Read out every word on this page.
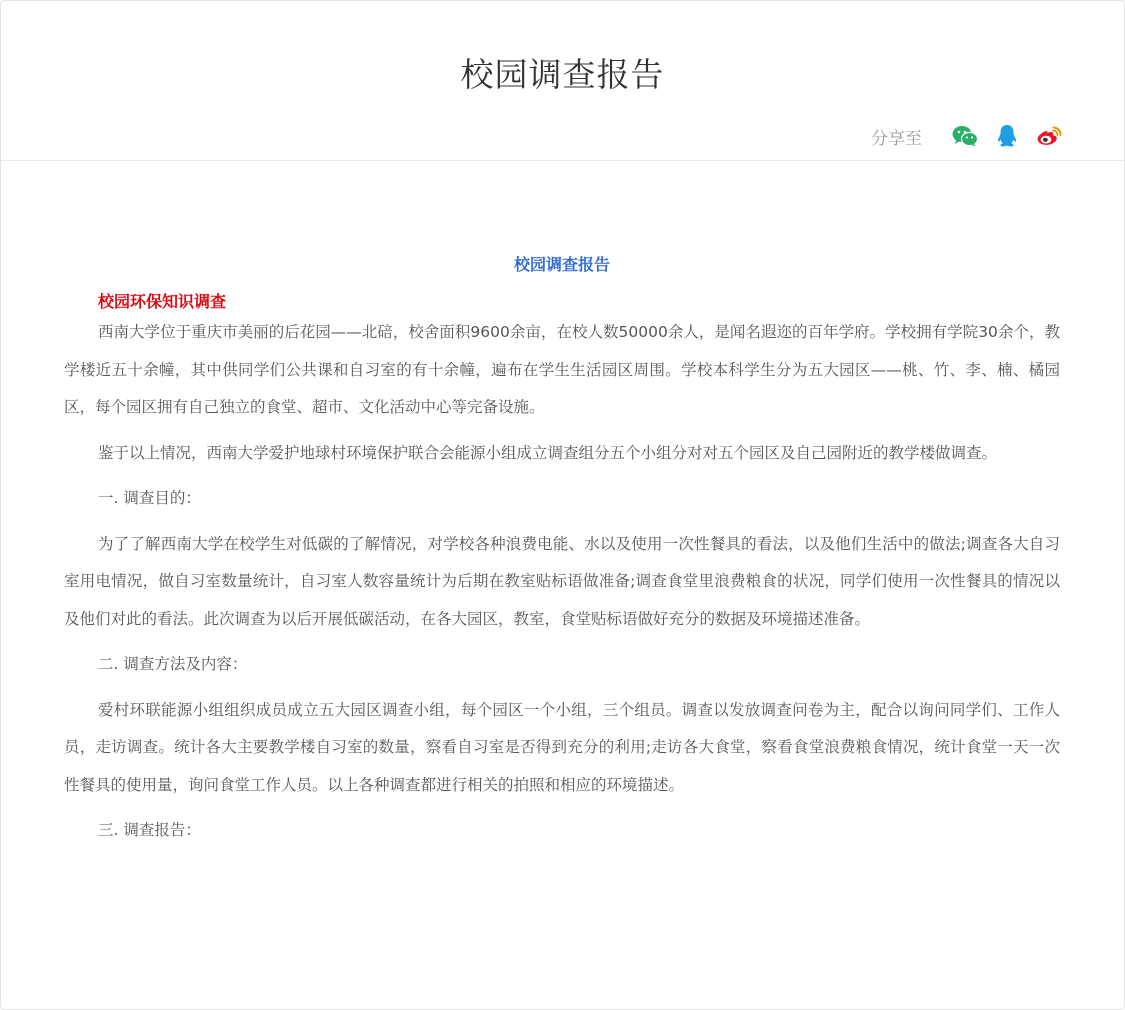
校园调查报告
分享至
校园调查报告
校园环保知识调查

西南大学位于重庆市美丽的后花园——北碚，校舍面积9600余亩，在校人数50000余人，是闻名遐迩的百年学府。学校拥有学院30余个，教学楼近五十余幢，其中供同学们公共课和自习室的有十余幢，遍布在学生生活园区周围。学校本科学生分为五大园区——桃、竹、李、楠、橘园区，每个园区拥有自己独立的食堂、超市、文化活动中心等完备设施。

鉴于以上情况，西南大学爱护地球村环境保护联合会能源小组成立调查组分五个小组分对对五个园区及自己园附近的教学楼做调查。

一. 调查目的：

为了了解西南大学在校学生对低碳的了解情况，对学校各种浪费电能、水以及使用一次性餐具的看法，以及他们生活中的做法;调查各大自习室用电情况，做自习室数量统计，自习室人数容量统计为后期在教室贴标语做准备;调查食堂里浪费粮食的状况，同学们使用一次性餐具的情况以及他们对此的看法。此次调查为以后开展低碳活动，在各大园区，教室，食堂贴标语做好充分的数据及环境描述准备。

二. 调查方法及内容：

爱村环联能源小组组织成员成立五大园区调查小组，每个园区一个小组，三个组员。调查以发放调查问卷为主，配合以询问同学们、工作人员，走访调查。统计各大主要教学楼自习室的数量，察看自习室是否得到充分的利用;走访各大食堂，察看食堂浪费粮食情况，统计食堂一天一次性餐具的使用量，询问食堂工作人员。以上各种调查都进行相关的拍照和相应的环境描述。

三. 调查报告：
